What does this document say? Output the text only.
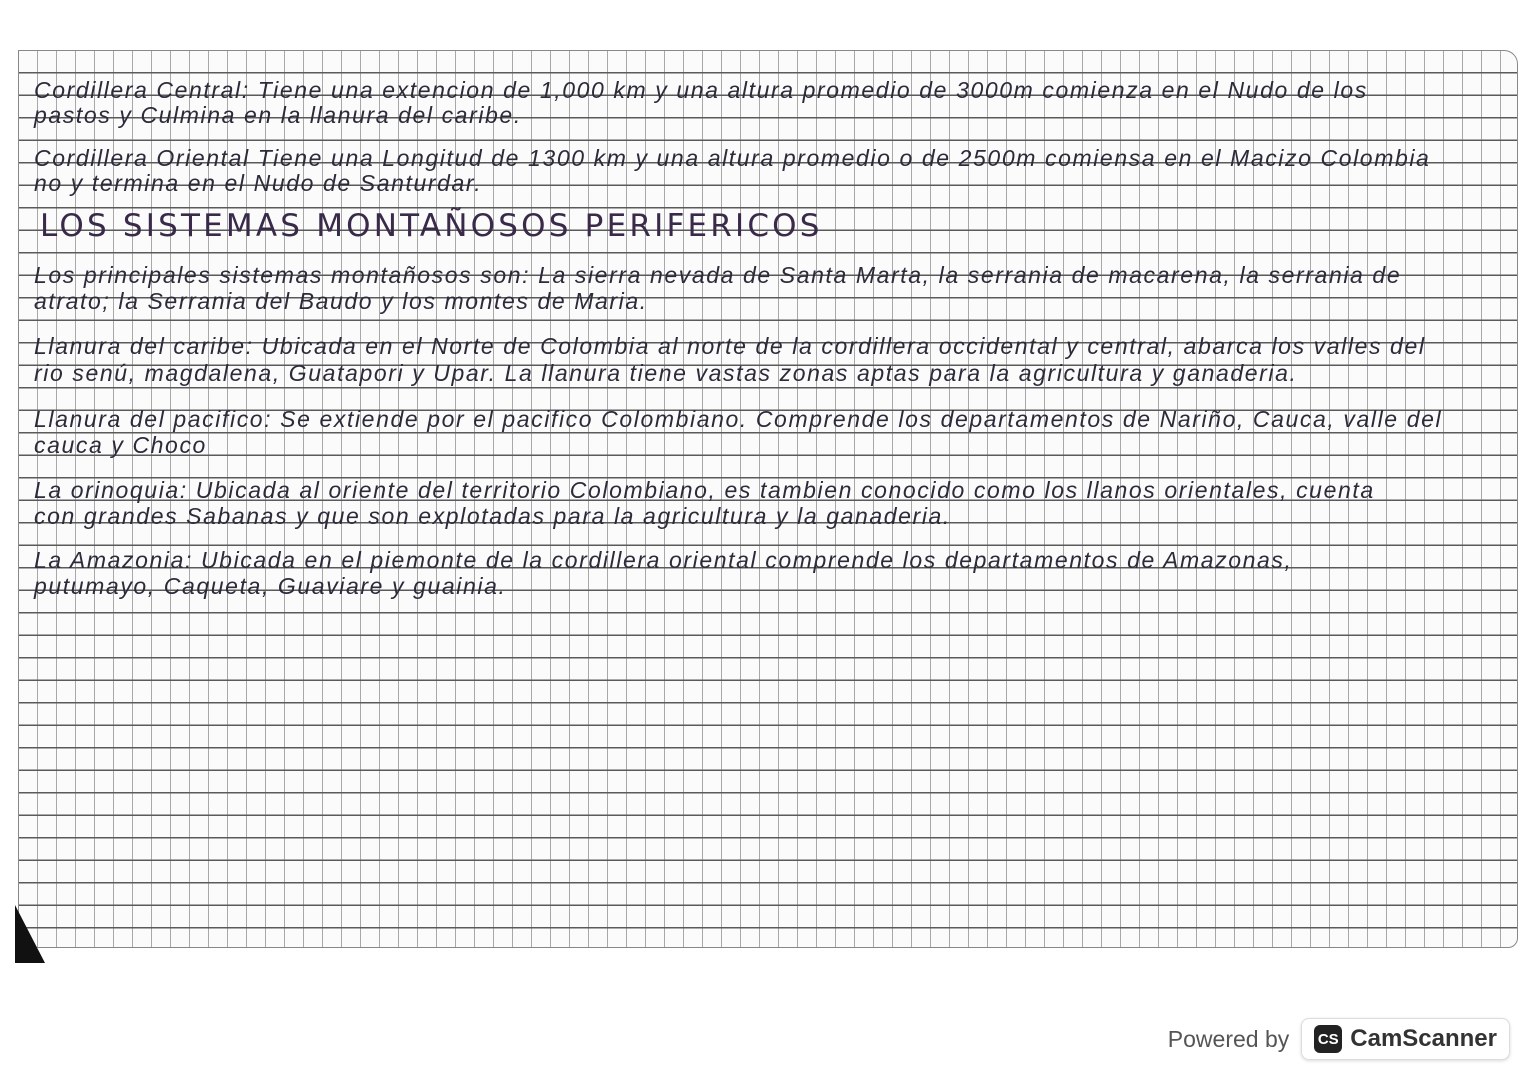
Cordillera Central: Tiene una extencion de 1,000 km y una altura promedio de 3000m comienza en el Nudo de los
pastos y Culmina en la llanura del caribe.
Cordillera Oriental Tiene una Longitud de 1300 km y una altura promedio o de 2500m comiensa en el Macizo Colombia
no y termina en el Nudo de Santurdar.
LOS SISTEMAS MONTAÑOSOS PERIFERICOS
Los principales sistemas montañosos son: La sierra nevada de Santa Marta, la serrania de macarena, la serrania de
atrato; la Serrania del Baudo y los montes de Maria.
Llanura del caribe: Ubicada en el Norte de Colombia al norte de la cordillera occidental y central, abarca los valles del
rio senú, magdalena, Guatapori y Upar. La llanura tiene vastas zonas aptas para la agricultura y ganaderia.
Llanura del pacifico: Se extiende por el pacifico Colombiano. Comprende los departamentos de Nariño, Cauca, valle del
cauca y Choco
La orinoquia: Ubicada al oriente del territorio Colombiano, es tambien conocido como los llanos orientales, cuenta
con grandes Sabanas y que son explotadas para la agricultura y la ganaderia.
La Amazonia: Ubicada en el piemonte de la cordillera oriental comprende los departamentos de Amazonas,
putumayo, Caqueta, Guaviare y guainia.
Powered by CS CamScanner
